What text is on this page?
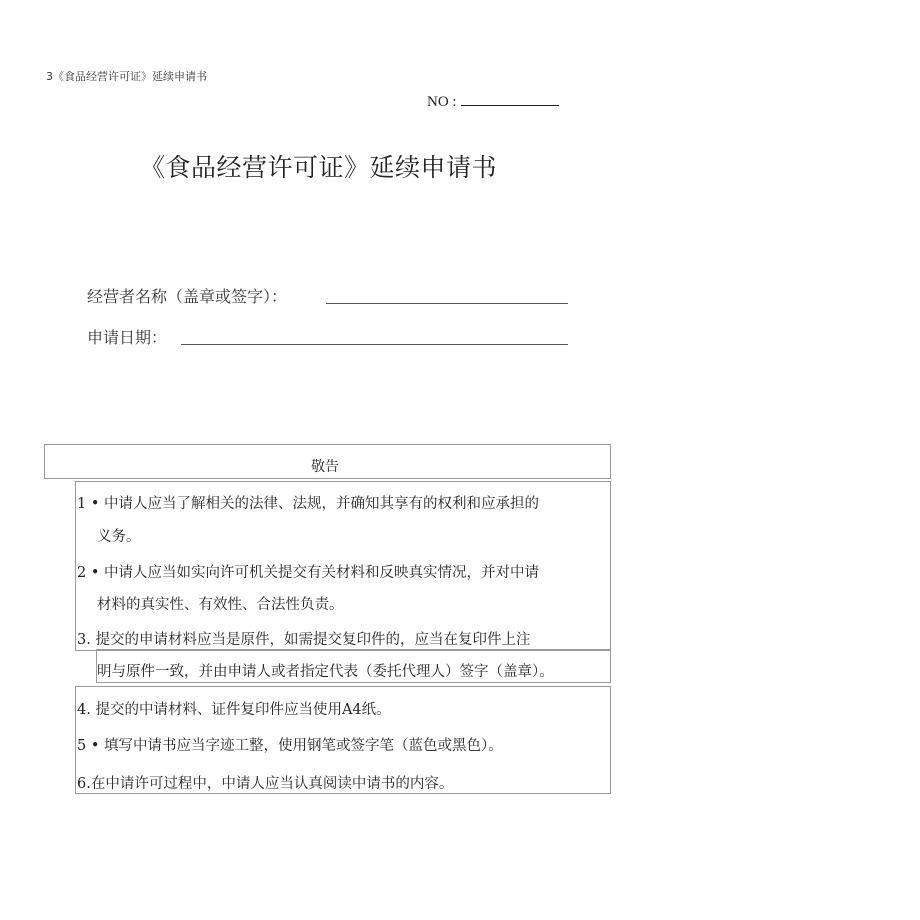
3《食品经营许可证》延续申请书
NO :
《食品经营许可证》延续申请书
经营者名称（盖章或签字）：
申请日期：
敬告
1 • 中请人应当了解相关的法律、法规，并确知其享有的权利和应承担的
义务。
2 • 中请人应当如实向许可机关提交有关材料和反映真实情况，并对中请
材料的真实性、有效性、合法性负责。
3. 提交的申请材料应当是原件，如需提交复印件的，应当在复印件上注
明与原件一致，并由申请人或者指定代表（委托代理人）签字（盖章）。
4. 提交的中请材料、证件复印件应当使用A4纸。
5 • 填写中请书应当字迹工整，使用钢笔或签字笔（蓝色或黑色）。
6.在中请许可过程中，中请人应当认真阅读中请书的内容。
